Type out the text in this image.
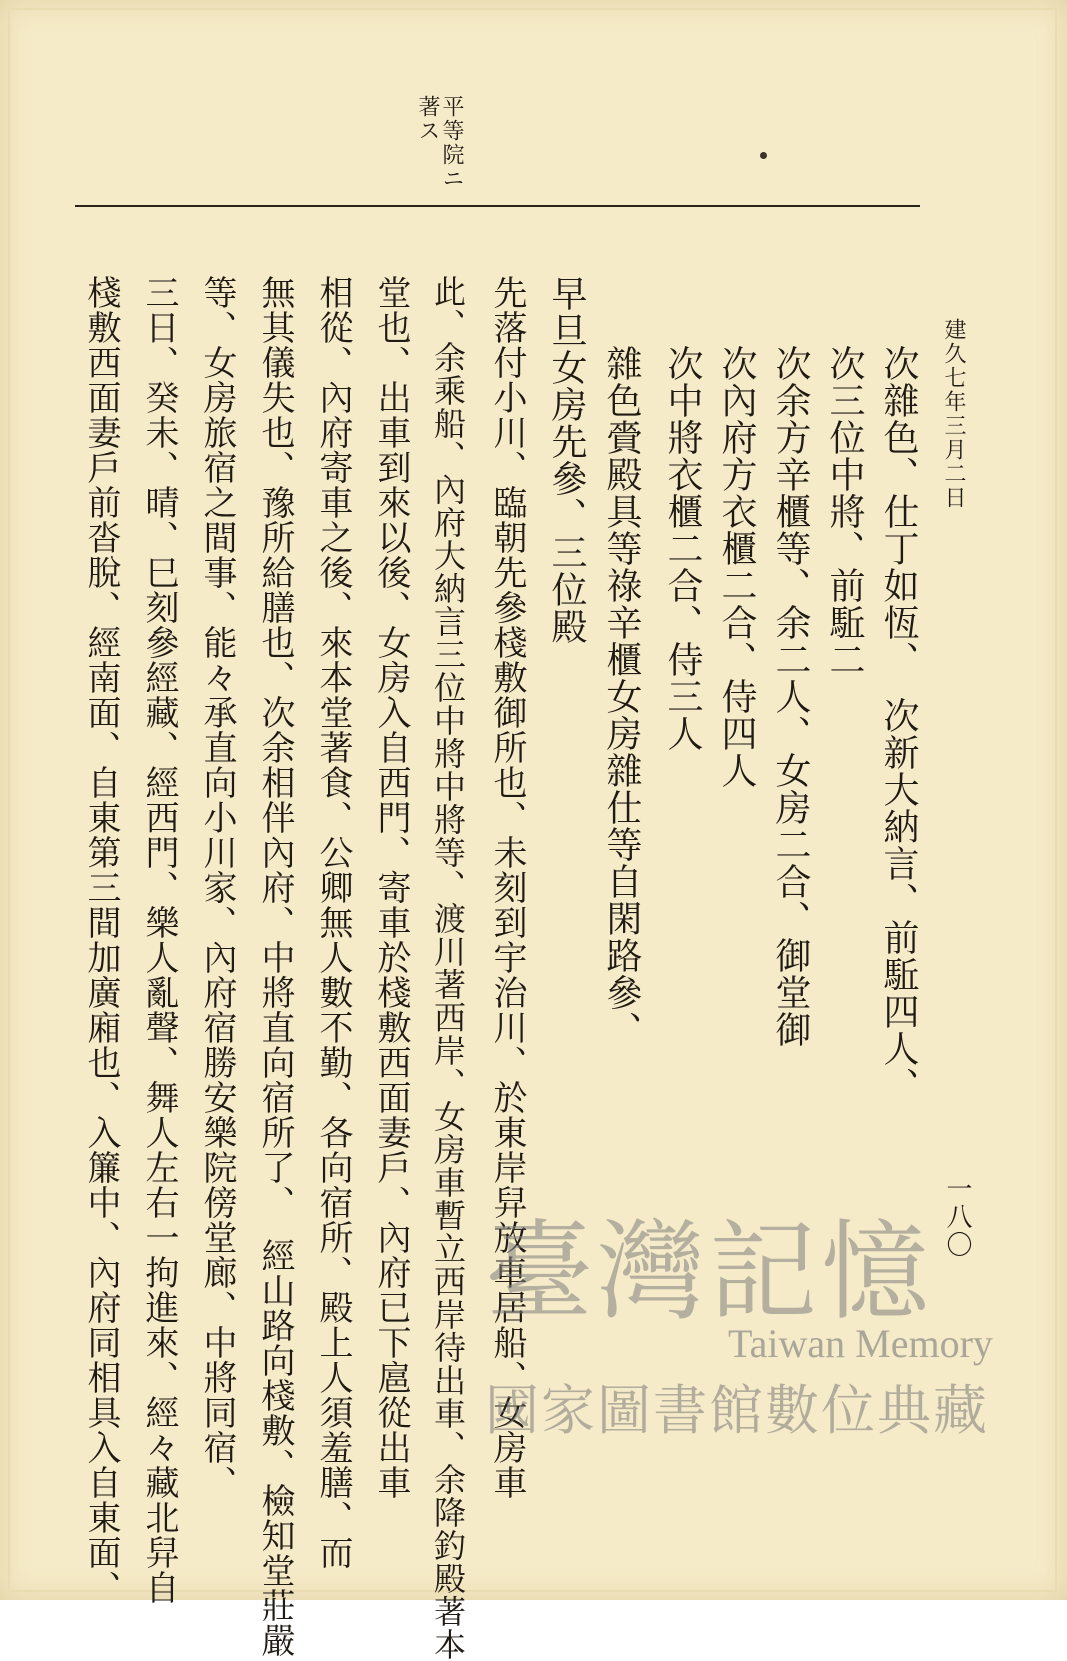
平等院ニ
著ス
建久七年三月二日
一八〇
次雜色、仕丁如恆、　次新大納言、前駈四人、
次三位中將、前駈二
次余方辛櫃等、余二人、女房二合、御堂御
次內府方衣櫃二合、侍四人
次中將衣櫃二合、侍三人
雜色賫殿具等祿辛櫃女房雜仕等自閑路參、
早旦女房先參、三位殿
先落付小川、臨朝先參棧敷御所也、未刻到宇治川、於東岸舁放車居船、女房車
此、余乘船、內府大納言三位中將中將等、渡川著西岸、女房車暫立西岸待出車、余降釣殿著本
堂也、出車到來以後、女房入自西門、寄車於棧敷西面妻戶、內府已下扈從出車
相從、內府寄車之後、來本堂著食、公卿無人數不勤、各向宿所、殿上人須羞膳、而
無其儀失也、豫所給膳也、次余相伴內府、中將直向宿所了、　經山路向棧敷、檢知堂莊嚴
等、女房旅宿之間事、能々承直向小川家、內府宿勝安樂院傍堂廊、中將同宿、
三日、癸未、晴、巳刻參經藏、經西門、樂人亂聲、舞人左右一拘進來、經々藏北舁自
棧敷西面妻戶前沓脫、經南面、自東第三間加廣廂也、入簾中、內府同相具入自東面、	臺灣記憶
Taiwan Memory
國家圖書館數位典藏
